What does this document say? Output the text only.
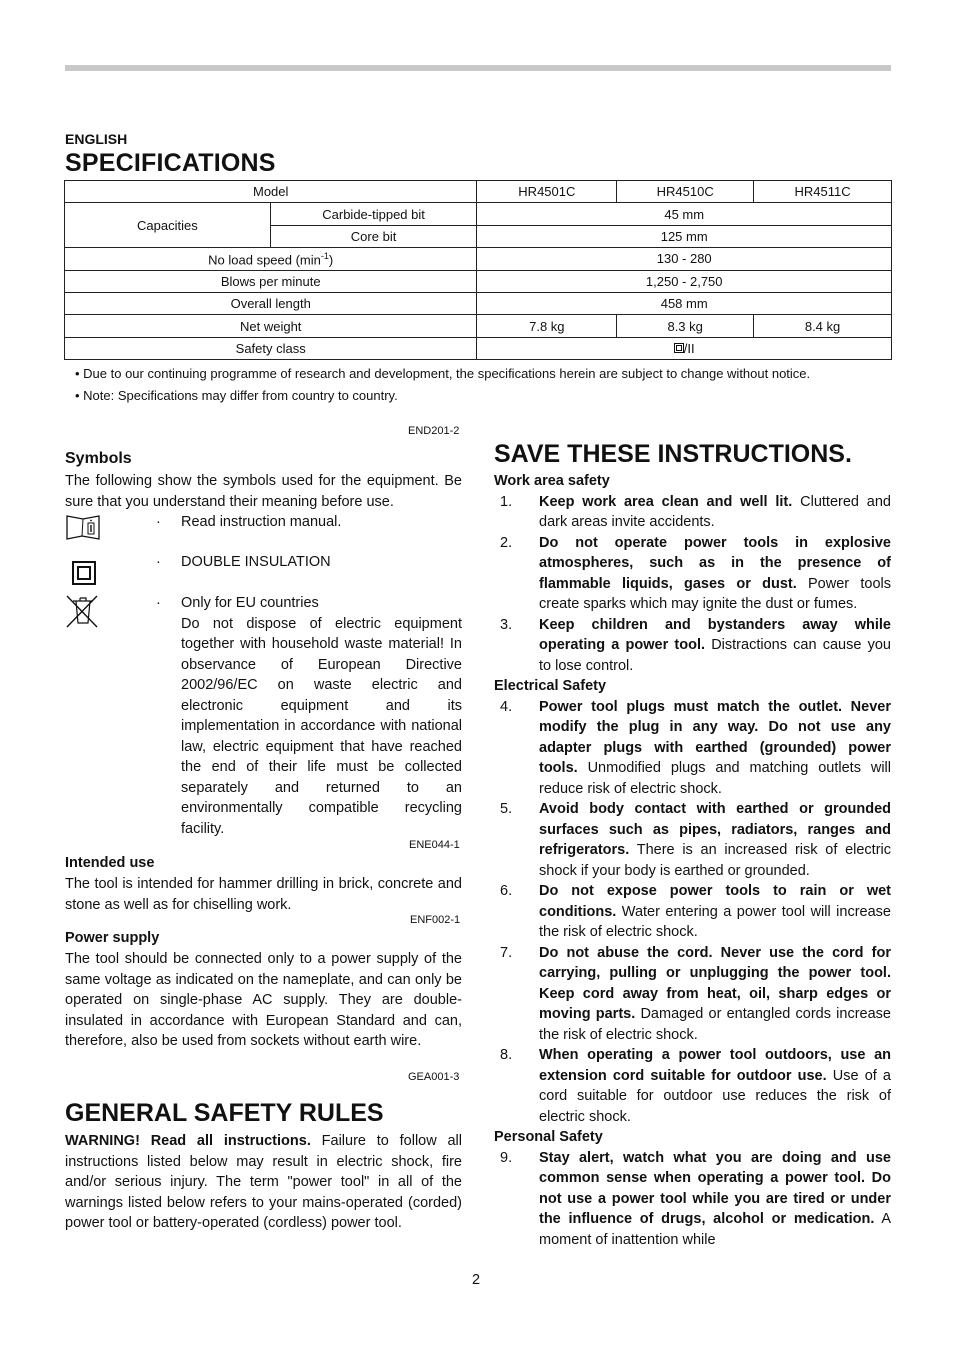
ENGLISH
SPECIFICATIONS
Model		HR4501C	HR4510C	HR4511C
Capacities	Carbide-tipped bit	45 mm		
	Core bit	125 mm		
No load speed $(\min^{-1})$		130 - 280		
Blows per minute		1,250 - 2,750		
Overall length		458 mm		
Net weight		7.8 kg	8.3 kg	8.4 kg
Safety class		/II		
• Due to our continuing programme of research and development, the specifications herein are subject to change without notice.
• Note: Specifications may differ from country to country.
END201-2
Symbols
The following show the symbols used for the equipment. Be sure that you understand their meaning before use.
· Read instruction manual.
· DOUBLE INSULATION
· Only for EU countries
Do not dispose of electric equipment together with household waste material! In observance of European Directive 2002/96/EC on waste electric and electronic equipment and its implementation in accordance with national law, electric equipment that have reached the end of their life must be collected separately and returned to an environmentally compatible recycling facility.
ENE044-1
Intended use
The tool is intended for hammer drilling in brick, concrete and stone as well as for chiselling work.
ENF002-1
Power supply
The tool should be connected only to a power supply of the same voltage as indicated on the nameplate, and can only be operated on single-phase AC supply. They are double-insulated in accordance with European Standard and can, therefore, also be used from sockets without earth wire.
GEA001-3
GENERAL SAFETY RULES
WARNING! Read all instructions. Failure to follow all instructions listed below may result in electric shock, fire and/or serious injury. The term "power tool" in all of the warnings listed below refers to your mains-operated (corded) power tool or battery-operated (cordless) power tool.
SAVE THESE INSTRUCTIONS.
Work area safety
1. Keep work area clean and well lit. Cluttered and dark areas invite accidents.
2. Do not operate power tools in explosive atmospheres, such as in the presence of flammable liquids, gases or dust. Power tools create sparks which may ignite the dust or fumes.
3. Keep children and bystanders away while operating a power tool. Distractions can cause you to lose control.
Electrical Safety
4. Power tool plugs must match the outlet. Never modify the plug in any way. Do not use any adapter plugs with earthed (grounded) power tools. Unmodified plugs and matching outlets will reduce risk of electric shock.
5. Avoid body contact with earthed or grounded surfaces such as pipes, radiators, ranges and refrigerators. There is an increased risk of electric shock if your body is earthed or grounded.
6. Do not expose power tools to rain or wet conditions. Water entering a power tool will increase the risk of electric shock.
7. Do not abuse the cord. Never use the cord for carrying, pulling or unplugging the power tool. Keep cord away from heat, oil, sharp edges or moving parts. Damaged or entangled cords increase the risk of electric shock.
8. When operating a power tool outdoors, use an extension cord suitable for outdoor use. Use of a cord suitable for outdoor use reduces the risk of electric shock.
Personal Safety
9. Stay alert, watch what you are doing and use common sense when operating a power tool. Do not use a power tool while you are tired or under the influence of drugs, alcohol or medication. A moment of inattention while
2
